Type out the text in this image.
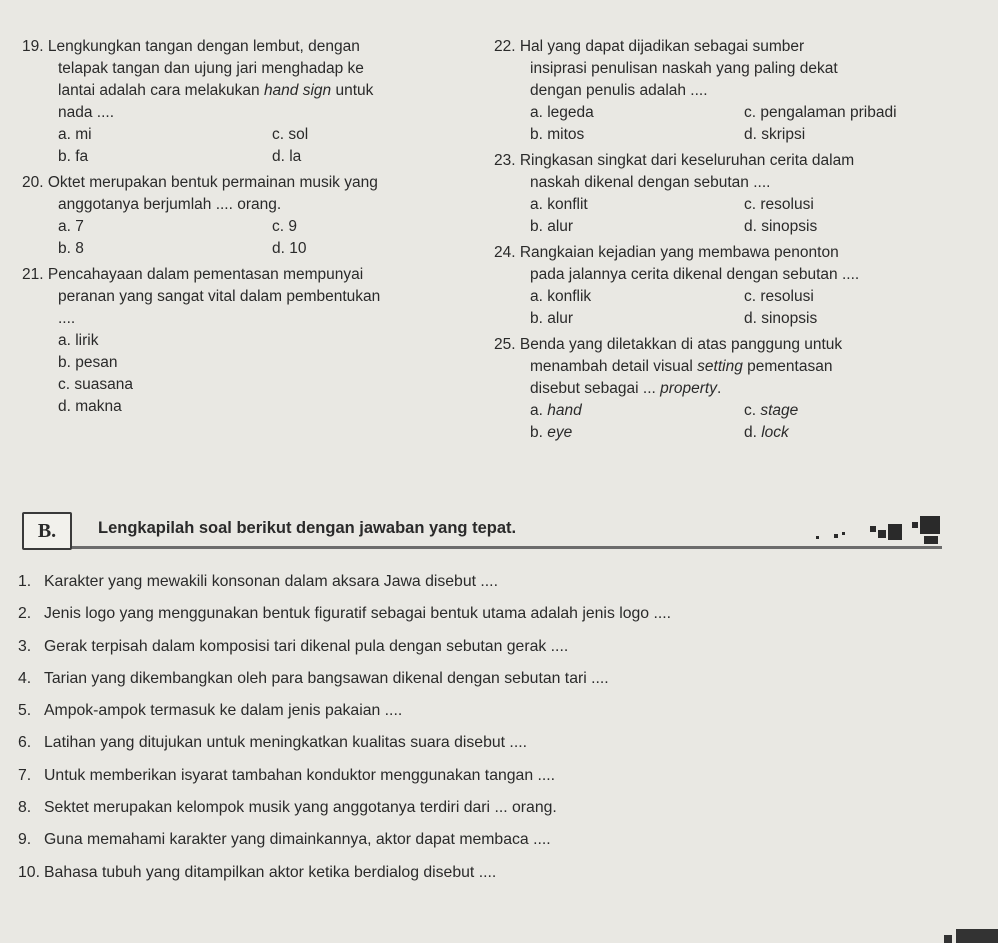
19. Lengkungkan tangan dengan lembut, dengan
telapak tangan dan ujung jari menghadap ke
lantai adalah cara melakukan hand sign untuk
nada ....

a. mi	c. sol
b. fa	d. la

20. Oktet merupakan bentuk permainan musik yang
anggotanya berjumlah .... orang.

a. 7	c. 9
b. 8	d. 10

21. Pencahayaan dalam pementasan mempunyai
peranan yang sangat vital dalam pembentukan
....

a. lirik
b. pesan
c. suasana
d. makna

22. Hal yang dapat dijadikan sebagai sumber
insiprasi penulisan naskah yang paling dekat
dengan penulis adalah ....

a. legeda	c. pengalaman pribadi
b. mitos	d. skripsi

23. Ringkasan singkat dari keseluruhan cerita dalam
naskah dikenal dengan sebutan ....

a. konflit	c. resolusi
b. alur	d. sinopsis

24. Rangkaian kejadian yang membawa penonton
pada jalannya cerita dikenal dengan sebutan ....

a. konflik	c. resolusi
b. alur	d. sinopsis

25. Benda yang diletakkan di atas panggung untuk
menambah detail visual setting pementasan
disebut sebagai ... property.

a. hand	c. stage
b. eye	d. lock
B.	Lengkapilah soal berikut dengan jawaban yang tepat.
1. Karakter yang mewakili konsonan dalam aksara Jawa disebut ....
2. Jenis logo yang menggunakan bentuk figuratif sebagai bentuk utama adalah jenis logo ....
3. Gerak terpisah dalam komposisi tari dikenal pula dengan sebutan gerak ....
4. Tarian yang dikembangkan oleh para bangsawan dikenal dengan sebutan tari ....
5. Ampok-ampok termasuk ke dalam jenis pakaian ....
6. Latihan yang ditujukan untuk meningkatkan kualitas suara disebut ....
7. Untuk memberikan isyarat tambahan konduktor menggunakan tangan ....
8. Sektet merupakan kelompok musik yang anggotanya terdiri dari ... orang.
9. Guna memahami karakter yang dimainkannya, aktor dapat membaca ....
10. Bahasa tubuh yang ditampilkan aktor ketika berdialog disebut ....
